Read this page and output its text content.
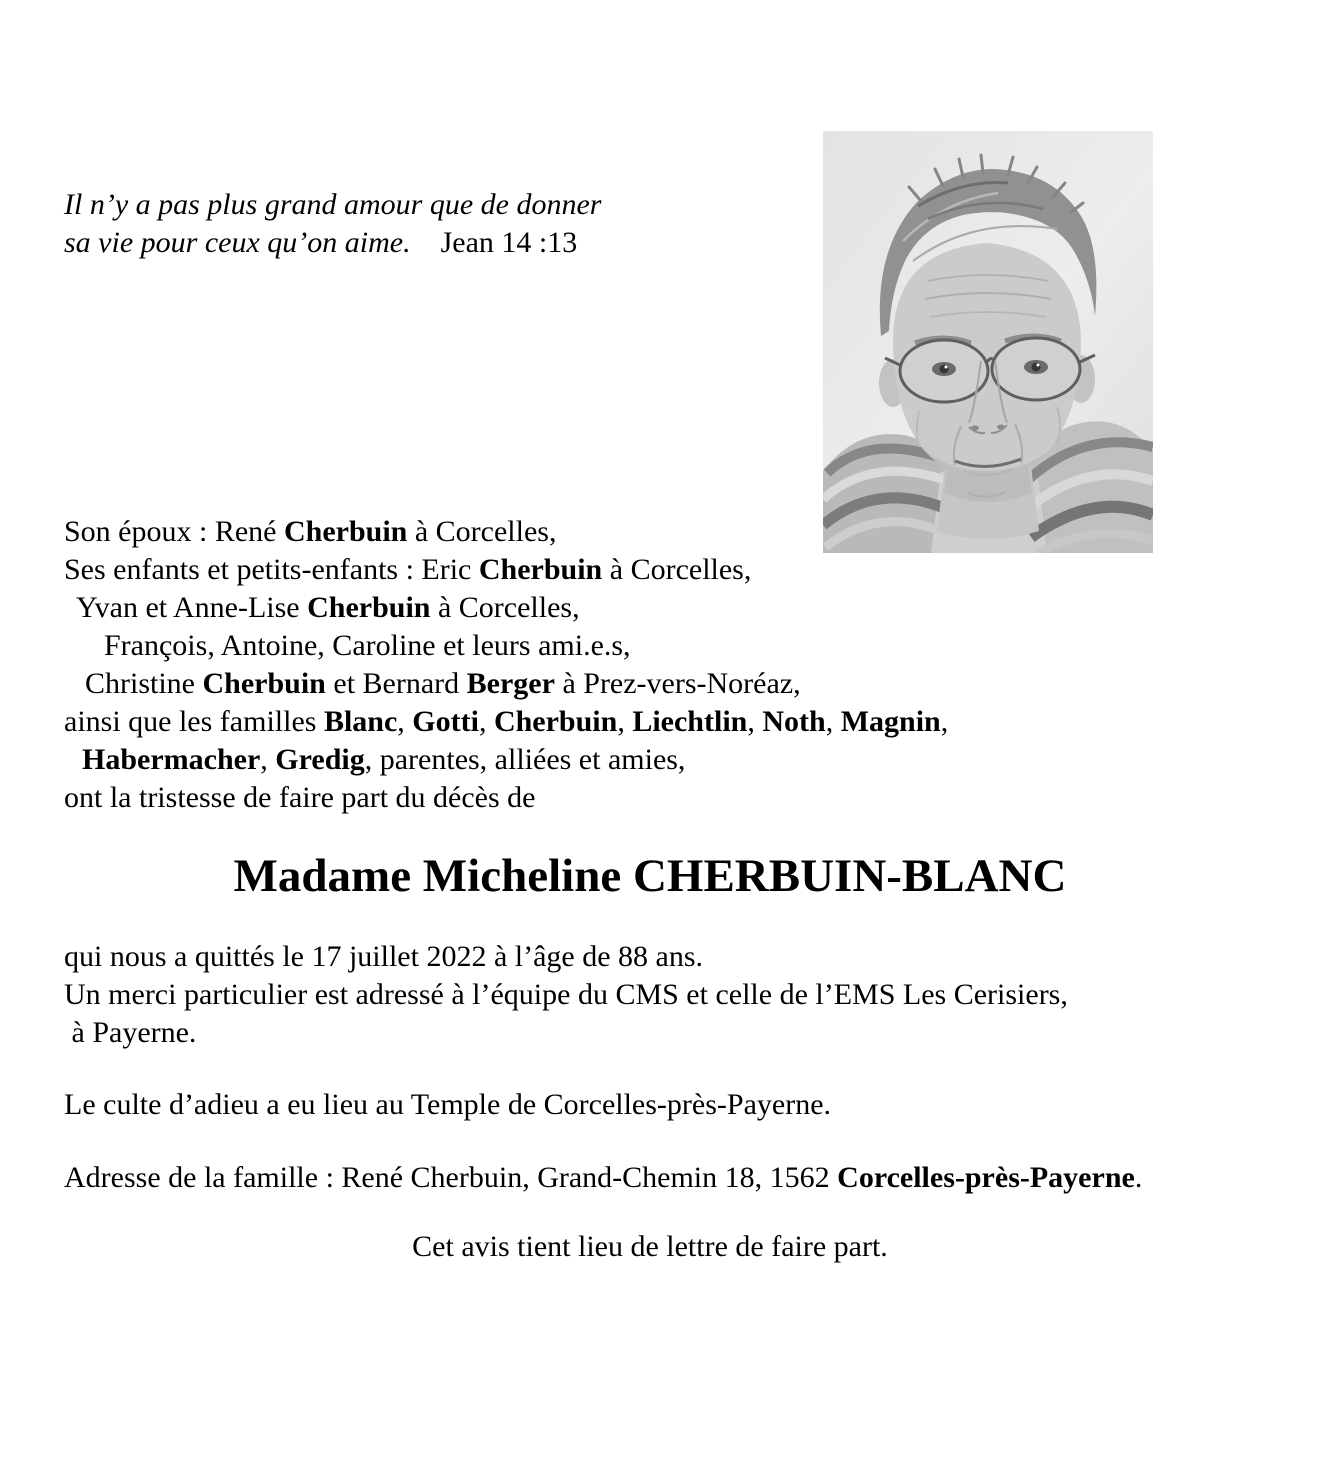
Il n’y a pas plus grand amour que de donner
sa vie pour ceux qu’on aime. Jean 14 :13
Son époux : René Cherbuin à Corcelles,
Ses enfants et petits-enfants : Eric Cherbuin à Corcelles,
Yvan et Anne-Lise Cherbuin à Corcelles,
François, Antoine, Caroline et leurs ami.e.s,
Christine Cherbuin et Bernard Berger à Prez-vers-Noréaz,
ainsi que les familles Blanc, Gotti, Cherbuin, Liechtlin, Noth, Magnin,
Habermacher, Gredig, parentes, alliées et amies,
ont la tristesse de faire part du décès de
Madame Micheline CHERBUIN-BLANC
qui nous a quittés le 17 juillet 2022 à l’âge de 88 ans.
Un merci particulier est adressé à l’équipe du CMS et celle de l’EMS Les Cerisiers,
à Payerne.
Le culte d’adieu a eu lieu au Temple de Corcelles-près-Payerne.
Adresse de la famille : René Cherbuin, Grand-Chemin 18, 1562 Corcelles-près-Payerne.
Cet avis tient lieu de lettre de faire part.
